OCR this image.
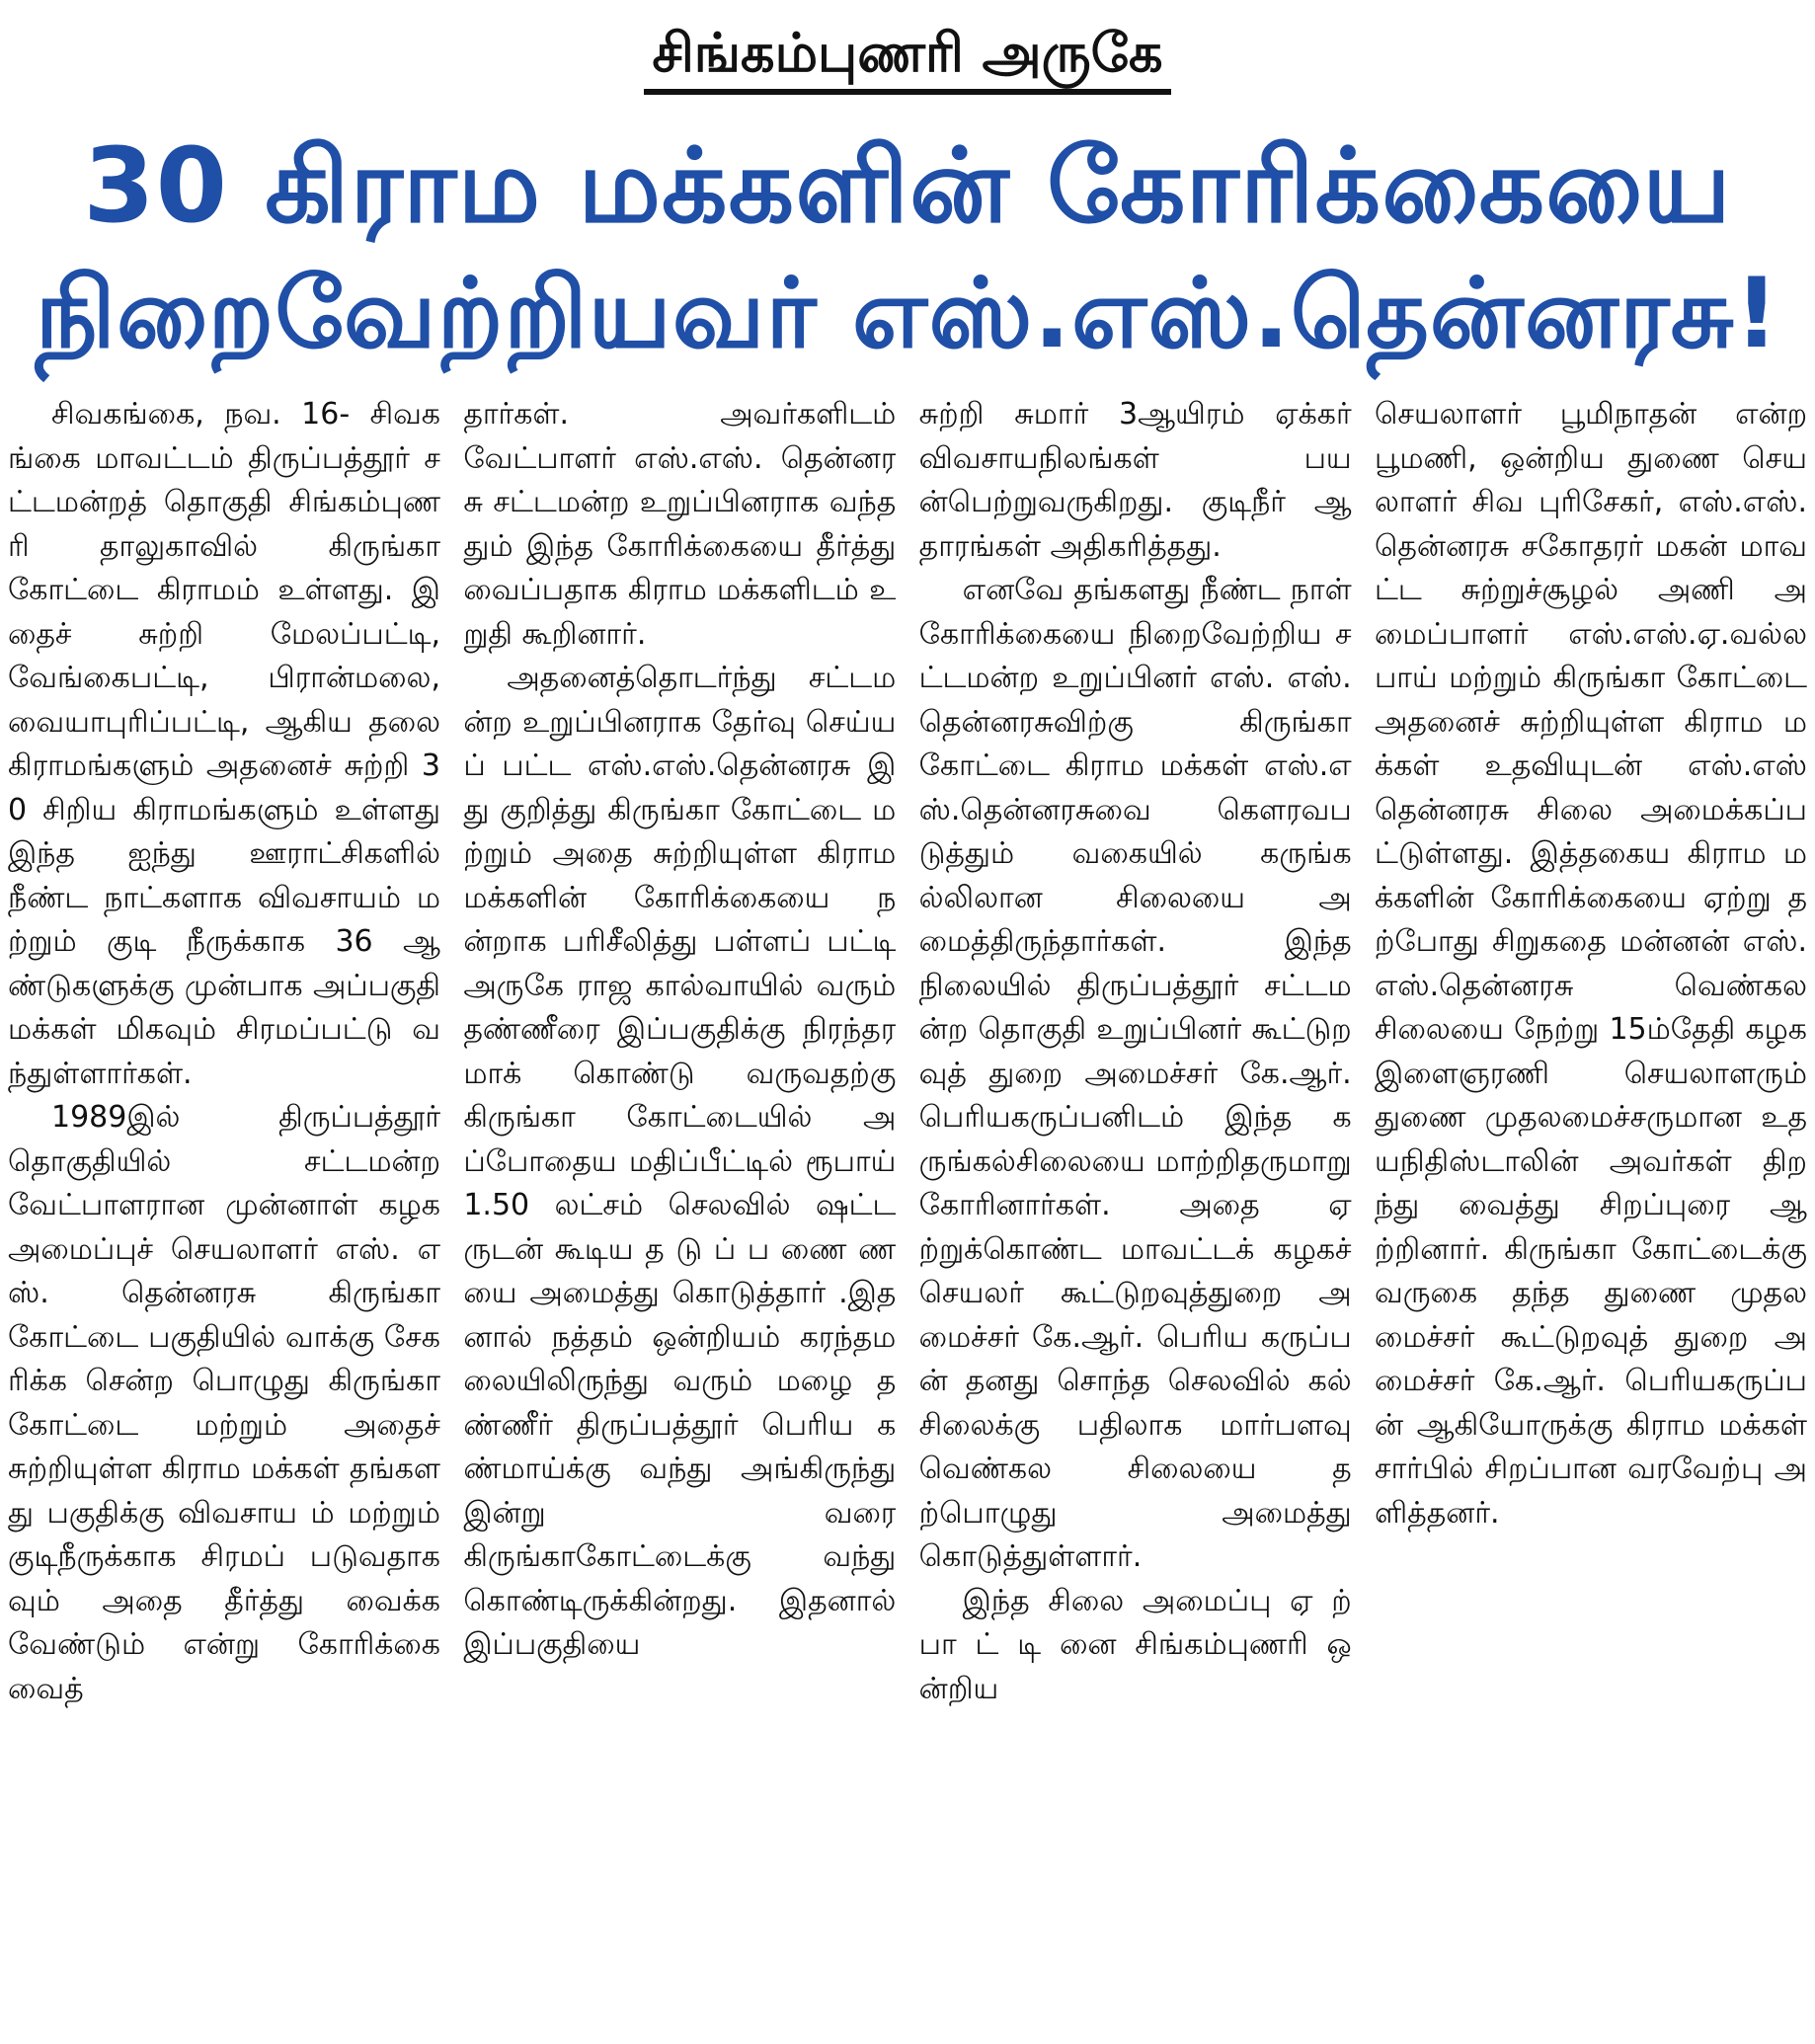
சிங்கம்புணரி அருகே
30 கிராம மக்களின் கோரிக்கையை
நிறைவேற்றியவர் எஸ்.எஸ்.தென்னரசு!

சிவகங்கை, நவ. 16- சிவகங்கை மாவட்டம் திருப்பத்தூர் சட்டமன்றத் தொகுதி சிங்கம்புணரி தாலுகாவில் கிருங்கா கோட்டை கிராமம் உள்ளது. இதைச் சுற்றி மேலப்பட்டி, வேங்கைபட்டி, பிரான்மலை, வையாபுரிப்பட்டி, ஆகிய தலை கிராமங்களும் அதனைச் சுற்றி 30 சிறிய கிராமங்களும் உள்ளது இந்த ஐந்து ஊராட்சிகளில் நீண்ட நாட்களாக விவசாயம் மற்றும் குடி நீருக்காக 36 ஆண்டுகளுக்கு முன்பாக அப்பகுதி மக்கள் மிகவும் சிரமப்பட்டு வந்துள்ளார்கள்.

1989இல் திருப்பத்தூர் தொகுதியில் சட்டமன்ற வேட்பாளரான முன்னாள் கழக அமைப்புச் செயலாளர் எஸ். எஸ். தென்னரசு கிருங்கா கோட்டை பகுதியில் வாக்கு சேகரிக்க சென்ற பொழுது கிருங்கா கோட்டை மற்றும் அதைச் சுற்றியுள்ள கிராம மக்கள் தங்களது பகுதிக்கு விவசாய ம் மற்றும் குடிநீருக்காக சிரமப் படுவதாகவும் அதை தீர்த்து வைக்க வேண்டும் என்று கோரிக்கை வைத்

தார்கள். அவர்களிடம் வேட்பாளர் எஸ்.எஸ். தென்னரசு சட்டமன்ற உறுப்பினராக வந்ததும் இந்த கோரிக்கையை தீர்த்து வைப்பதாக கிராம மக்களிடம் உறுதி கூறினார்.

அதனைத்தொடர்ந்து சட்டமன்ற உறுப்பினராக தேர்வு செய்யப் பட்ட எஸ்.எஸ்.தென்னரசு இது குறித்து கிருங்கா கோட்டை மற்றும் அதை சுற்றியுள்ள கிராம மக்களின் கோரிக்கையை நன்றாக பரிசீலித்து பள்ளப் பட்டி அருகே ராஜ கால்வாயில் வரும் தண்ணீரை இப்பகுதிக்கு நிரந்தர மாக் கொண்டு வருவதற்கு கிருங்கா கோட்டையில் அப்போதைய மதிப்பீட்டில் ரூபாய் 1.50 லட்சம் செலவில் ஷட்டருடன் கூடிய த டு ப் ப ணை ண யை அமைத்து கொடுத்தார் .இதனால் நத்தம் ஒன்றியம் கரந்தமலையிலிருந்து வரும் மழை தண்ணீர் திருப்பத்தூர் பெரிய கண்மாய்க்கு வந்து அங்கிருந்து இன்று வரை கிருங்காகோட்டைக்கு வந்து கொண்டிருக்கின்றது. இதனால் இப்பகுதியை

சுற்றி சுமார் 3ஆயிரம் ஏக்கர் விவசாயநிலங்கள் பயன்பெற்றுவருகிறது. குடிநீர் ஆதாரங்கள் அதிகரித்தது.

எனவே தங்களது நீண்ட நாள் கோரிக்கையை நிறைவேற்றிய சட்டமன்ற உறுப்பினர் எஸ். எஸ். தென்னரசுவிற்கு கிருங்கா கோட்டை கிராம மக்கள் எஸ்.எஸ்.தென்னரசுவை கௌரவபடுத்தும் வகையில் கருங்கல்லிலான சிலையை அமைத்திருந்தார்கள். இந்த நிலையில் திருப்பத்தூர் சட்டமன்ற தொகுதி உறுப்பினர் கூட்டுறவுத் துறை அமைச்சர் கே.ஆர். பெரியகருப்பனிடம் இந்த கருங்கல்சிலையை மாற்றிதருமாறு கோரினார்கள். அதை ஏற்றுக்கொண்ட மாவட்டக் கழகச் செயலர் கூட்டுறவுத்துறை அமைச்சர் கே.ஆர். பெரிய கருப்பன் தனது சொந்த செலவில் கல் சிலைக்கு பதிலாக மார்பளவு வெண்கல சிலையை தற்பொழுது அமைத்து கொடுத்துள்ளார்.

இந்த சிலை அமைப்பு ஏ ற் பா ட் டி னை சிங்கம்புணரி ஒன்றிய

செயலாளர் பூமிநாதன் என்ற பூமணி, ஒன்றிய துணை செயலாளர் சிவ புரிசேகர், எஸ்.எஸ்.தென்னரசு சகோதரர் மகன் மாவட்ட சுற்றுச்சூழல் அணி அமைப்பாளர் எஸ்.எஸ்.ஏ.வல்லபாய் மற்றும் கிருங்கா கோட்டை அதனைச் சுற்றியுள்ள கிராம மக்கள் உதவியுடன் எஸ்.எஸ் தென்னரசு சிலை அமைக்கப்பட்டுள்ளது. இத்தகைய கிராம மக்களின் கோரிக்கையை ஏற்று தற்போது சிறுகதை மன்னன் எஸ்.எஸ்.தென்னரசு வெண்கல சிலையை நேற்று 15ம்தேதி கழக இளைஞரணி செயலாளரும் துணை முதலமைச்சருமான உதயநிதிஸ்டாலின் அவர்கள் திறந்து வைத்து சிறப்புரை ஆற்றினார். கிருங்கா கோட்டைக்கு வருகை தந்த துணை முதலமைச்சர் கூட்டுறவுத் துறை அமைச்சர் கே.ஆர். பெரியகருப்பன் ஆகியோருக்கு கிராம மக்கள் சார்பில் சிறப்பான வரவேற்பு அளித்தனர்.
